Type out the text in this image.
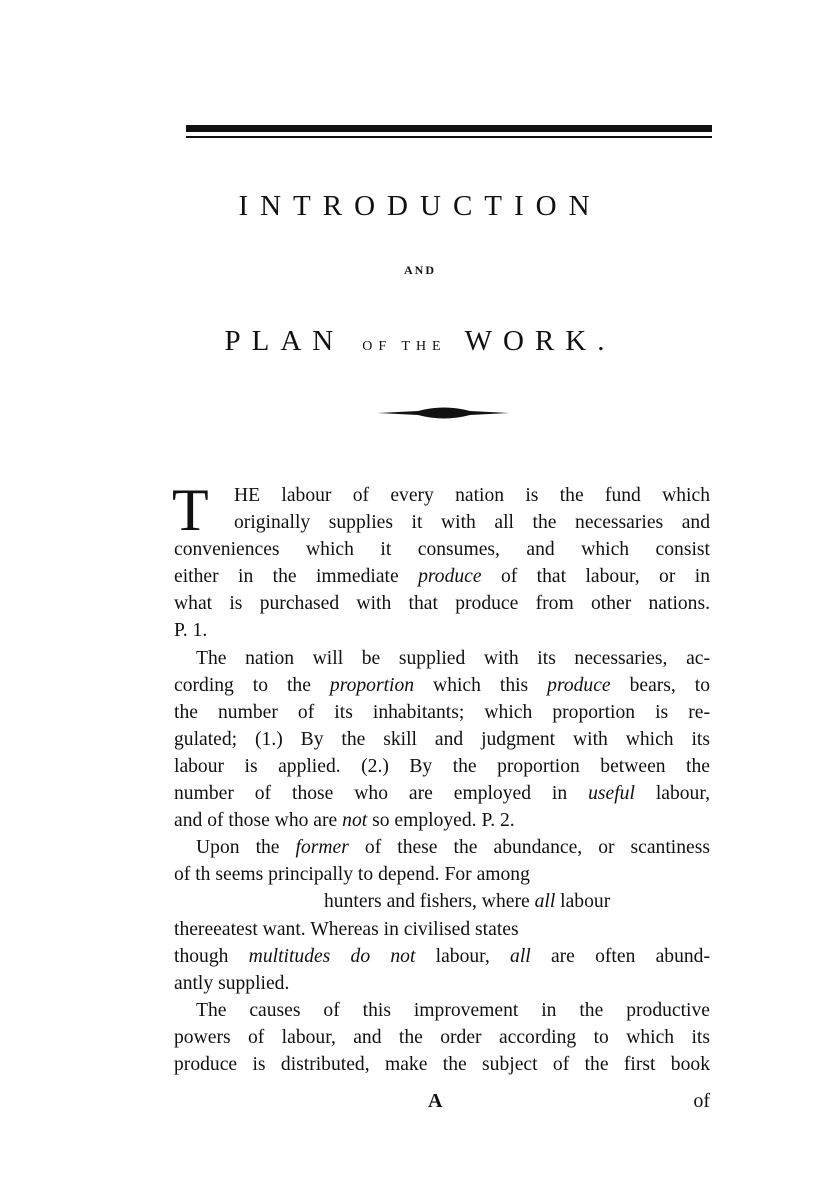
INTRODUCTION
AND
PLAN OF THE WORK.
T	HE labour of every nation is the fund which
originally supplies it with all the necessaries and
conveniences which it consumes, and which consist
either in the immediate produce of that labour, or in
what is purchased with that produce from other nations.
P. 1.
The nation will be supplied with its necessaries, ac-
cording to the proportion which this produce bears, to
the number of its inhabitants; which proportion is re-
gulated; (1.) By the skill and judgment with which its
labour is applied. (2.) By the proportion between the
number of those who are employed in useful labour,
and of those who are not so employed. P. 2.
Upon the former of these the abundance, or scantiness
of th seems principally to depend. For among
hunters and fishers, where all labour
thereeatest want. Whereas in civilised states
though multitudes do not labour, all are often abund-
antly supplied.
The causes of this improvement in the productive
powers of labour, and the order according to which its
produce is distributed, make the subject of the first book
A	of
